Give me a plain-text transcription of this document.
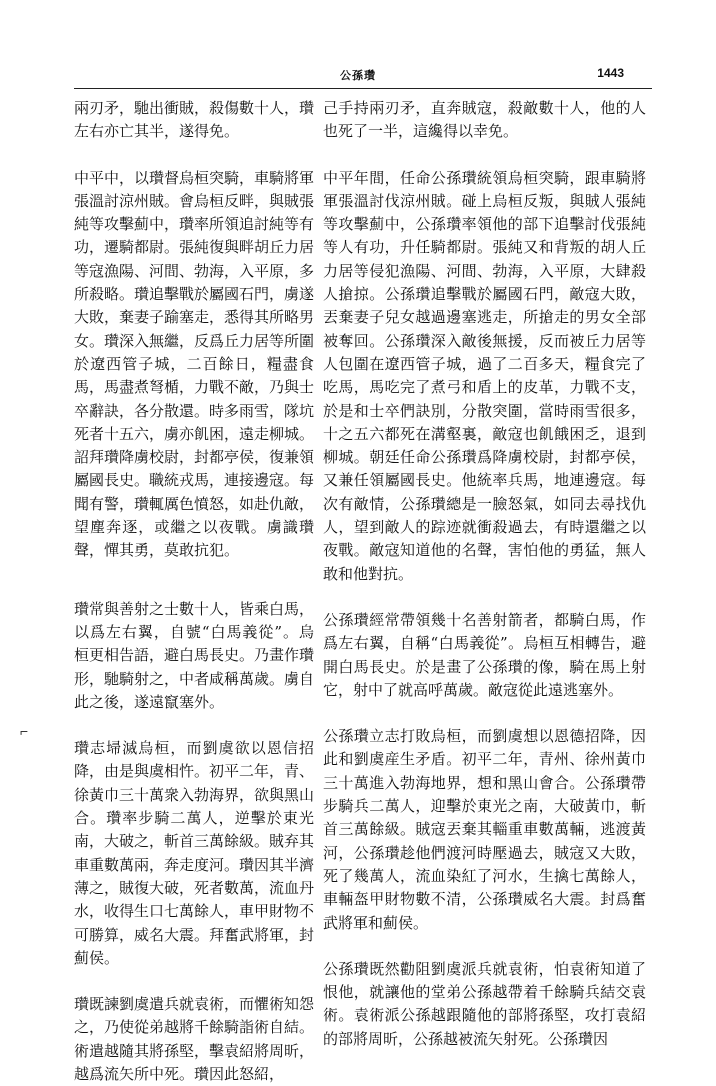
公孫瓚	1443
⌐

兩刃矛，馳出衝賊，殺傷數十人，瓚左右亦亡其半，遂得免。

中平中，以瓚督烏桓突騎，車騎將軍張溫討涼州賊。會烏桓反畔，與賊張純等攻擊薊中，瓚率所領追討純等有功，遷騎都尉。張純復與畔胡丘力居等寇漁陽、河間、勃海，入平原，多所殺略。瓚追擊戰於屬國石門，虜遂大敗，棄妻子踰塞走，悉得其所略男女。瓚深入無繼，反爲丘力居等所圍於遼西管子城，二百餘日，糧盡食馬，馬盡煮弩楯，力戰不敵，乃與士卒辭訣，各分散還。時多雨雪，隊坑死者十五六，虜亦飢困，遠走柳城。詔拜瓚降虜校尉，封都亭侯，復兼領屬國長史。職統戎馬，連接邊寇。每聞有警，瓚輒厲色憤怒，如赴仇敵，望塵奔逐，或繼之以夜戰。虜識瓚聲，憚其勇，莫敢抗犯。

瓚常與善射之士數十人，皆乘白馬，以爲左右翼，自號“白馬義從”。烏桓更相告語，避白馬長史。乃畫作瓚形，馳騎射之，中者咸稱萬歲。虜自此之後，遂遠竄塞外。

瓚志埽滅烏桓，而劉虞欲以恩信招降，由是與虞相忤。初平二年，青、徐黃巾三十萬衆入勃海界，欲與黑山合。瓚率步騎二萬人，逆擊於東光南，大破之，斬首三萬餘級。賊弃其車重數萬兩，奔走度河。瓚因其半濟薄之，賊復大破，死者數萬，流血丹水，收得生口七萬餘人，車甲財物不可勝算，威名大震。拜奮武將軍，封薊侯。

瓚既諫劉虞遣兵就袁術，而懼術知怨之，乃使從弟越將千餘騎詣術自結。術遣越隨其將孫堅，擊袁紹將周昕，越爲流矢所中死。瓚因此怒紹，

己手持兩刃矛，直奔賊寇，殺敵數十人，他的人也死了一半，這纔得以幸免。

中平年間，任命公孫瓚統領烏桓突騎，跟車騎將軍張溫討伐涼州賊。碰上烏桓反叛，與賊人張純等攻擊薊中，公孫瓚率領他的部下追擊討伐張純等人有功，升任騎都尉。張純又和背叛的胡人丘力居等侵犯漁陽、河間、勃海，入平原，大肆殺人搶掠。公孫瓚追擊戰於屬國石門，敵寇大敗，丟棄妻子兒女越過邊塞逃走，所搶走的男女全部被奪回。公孫瓚深入敵後無援，反而被丘力居等人包圍在遼西管子城，過了二百多天，糧食完了吃馬，馬吃完了煮弓和盾上的皮革，力戰不支，於是和士卒們訣別，分散突圍，當時雨雪很多，十之五六都死在溝壑裏，敵寇也飢餓困乏，退到柳城。朝廷任命公孫瓚爲降虜校尉，封都亭侯，又兼任領屬國長史。他統率兵馬，地連邊寇。每次有敵情，公孫瓚總是一臉怒氣，如同去尋找仇人，望到敵人的踪迹就衝殺過去，有時還繼之以夜戰。敵寇知道他的名聲，害怕他的勇猛，無人敢和他對抗。

公孫瓚經常帶領幾十名善射箭者，都騎白馬，作爲左右翼，自稱“白馬義從”。烏桓互相轉告，避開白馬長史。於是畫了公孫瓚的像，騎在馬上射它，射中了就高呼萬歲。敵寇從此遠逃塞外。

公孫瓚立志打敗烏桓，而劉虞想以恩德招降，因此和劉虞産生矛盾。初平二年，青州、徐州黃巾三十萬進入勃海地界，想和黑山會合。公孫瓚帶步騎兵二萬人，迎擊於東光之南，大破黃巾，斬首三萬餘級。賊寇丟棄其輜重車數萬輛，逃渡黃河，公孫瓚趁他們渡河時壓過去，賊寇又大敗，死了幾萬人，流血染紅了河水，生擒七萬餘人，車輛盔甲財物數不清，公孫瓚威名大震。封爲奮武將軍和薊侯。

公孫瓚既然勸阻劉虞派兵就袁術，怕袁術知道了恨他，就讓他的堂弟公孫越帶着千餘騎兵結交袁術。袁術派公孫越跟隨他的部將孫堅，攻打袁紹的部將周昕，公孫越被流矢射死。公孫瓚因
